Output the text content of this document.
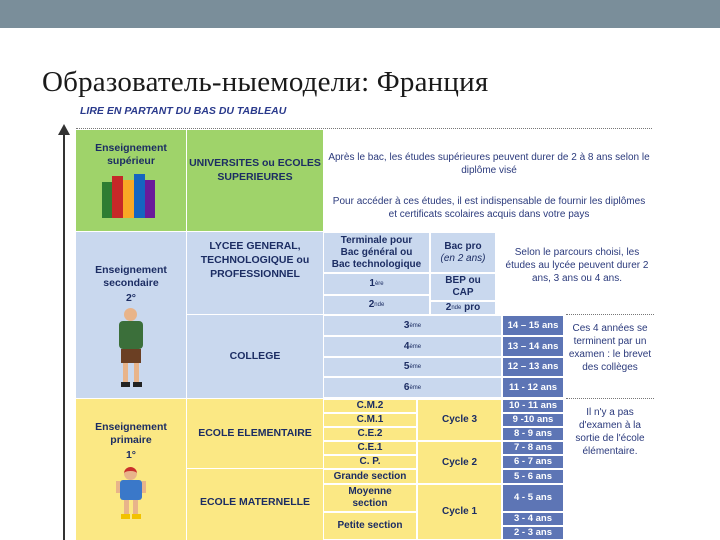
Образователь-ныемодели: Франция
LIRE EN PARTANT DU BAS DU TABLEAU
Enseignement supérieur	UNIVERSITES ou ECOLES SUPERIEURES
Après le bac, les études supérieures peuvent durer de 2 à 8 ans selon le diplôme visé
Pour accéder à ces études, il est indispensable de fournir les diplômes et certificats scolaires acquis dans votre pays
Enseignement secondaire
2°
LYCEE GENERAL, TECHNOLOGIQUE ou PROFESSIONNEL
COLLEGE
Terminale pour
Bac général ou
Bac technologique
1 ère
2 nde
Bac pro
(en 2 ans)
BEP ou
CAP
2 nde
pro
Selon le parcours choisi, les études au lycée peuvent durer 2 ans, 3 ans ou 4 ans.
3 ème
4 ème
5 ème
6 ème
14 – 15 ans
13 – 14 ans
12 – 13 ans
11 - 12 ans
Ces 4 années se terminent par un examen : le brevet des collèges
Enseignement primaire
1°
ECOLE ELEMENTAIRE
ECOLE MATERNELLE
C.M.2
C.M.1
C.E.2
C.E.1
C. P.
Grande section
Moyenne section
Petite section
Cycle 3
Cycle 2
Cycle 1
10 - 11 ans
9 -10 ans
8 - 9 ans
7 - 8 ans
6 - 7 ans
5 - 6 ans
4 - 5 ans
3 - 4 ans
2 - 3 ans
Il n'y a pas d'examen à la sortie de l'école élémentaire.
